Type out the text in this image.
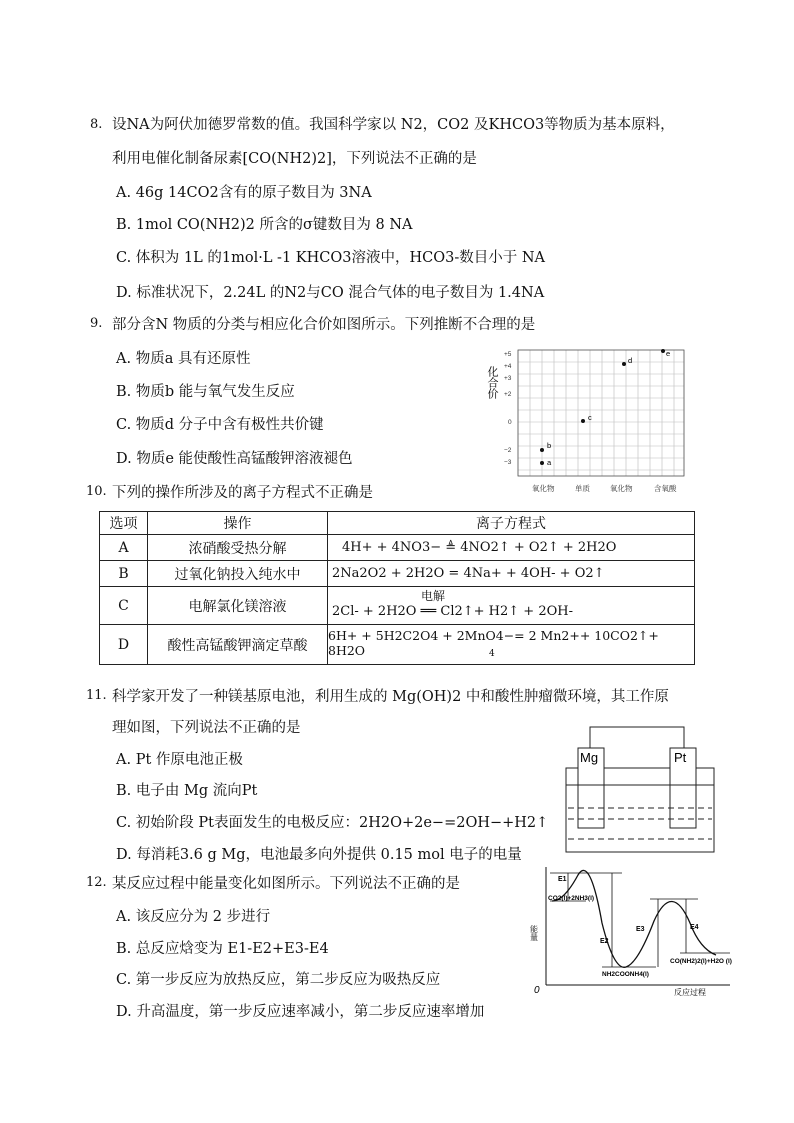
8. 设NA为阿伏加德罗常数的值。我国科学家以 N2，CO2 及KHCO3等物质为基本原料，
利用电催化制备尿素[CO(NH2)2]，下列说法不正确的是
A. 46g 14CO2含有的原子数目为 3NA
B. 1mol CO(NH2)2 所含的σ键数目为 8 NA
C. 体积为 1L 的1mol·L -1 KHCO3溶液中，HCO3-数目小于 NA
D. 标准状况下，2.24L 的N2与CO 混合气体的电子数目为 1.4NA
9. 部分含N 物质的分类与相应化合价如图所示。下列推断不合理的是
A. 物质a 具有还原性
B. 物质b 能与氧气发生反应
C. 物质d 分子中含有极性共价键
D. 物质e 能使酸性高锰酸钾溶液褪色
化合价
+5
+4
+3
+2
0
−2
−3
氧化物	单质	氧化物	含氧酸
a
b
c
d
e
10. 下列的操作所涉及的离子方程式不正确是
选项	操作	离子方程式
A	浓硝酸受热分解	4H+ + 4NO3− ≜ 4NO2↑ + O2↑ + 2H2O
B	过氧化钠投入纯水中	2Na2O2 + 2H2O = 4Na+ + 4OH- + O2↑
C	电解氯化镁溶液	电解
2Cl- + 2H2O ══ Cl2↑+ H2↑ + 2OH-

D	酸性高锰酸钾滴定草酸	6H+ + 5H2C2O4 + 2MnO4−= 2 Mn2++ 10CO2↑+ 8H2O 4
11. 科学家开发了一种镁基原电池，利用生成的 Mg(OH)2 中和酸性肿瘤微环境，其工作原
理如图，下列说法不正确的是
A. Pt 作原电池正极
B. 电子由 Mg 流向Pt
C. 初始阶段 Pt表面发生的电极反应：2H2O+2e−=2OH−+H2↑
D. 每消耗3.6 g Mg，电池最多向外提供 0.15 mol 电子的电量
Mg	Pt
12. 某反应过程中能量变化如图所示。下列说法不正确的是
A. 该反应分为 2 步进行
B. 总反应焓变为 E1-E2+E3-E4
C. 第一步反应为放热反应，第二步反应为吸热反应
D. 升高温度，第一步反应速率减小，第二步反应速率增加
能量
0	反应过程
E1
E2
E3	E4
CO2(l)+2NH3(l)
NH2COONH4(l)
CO(NH2)2(l)+H2O (l)
